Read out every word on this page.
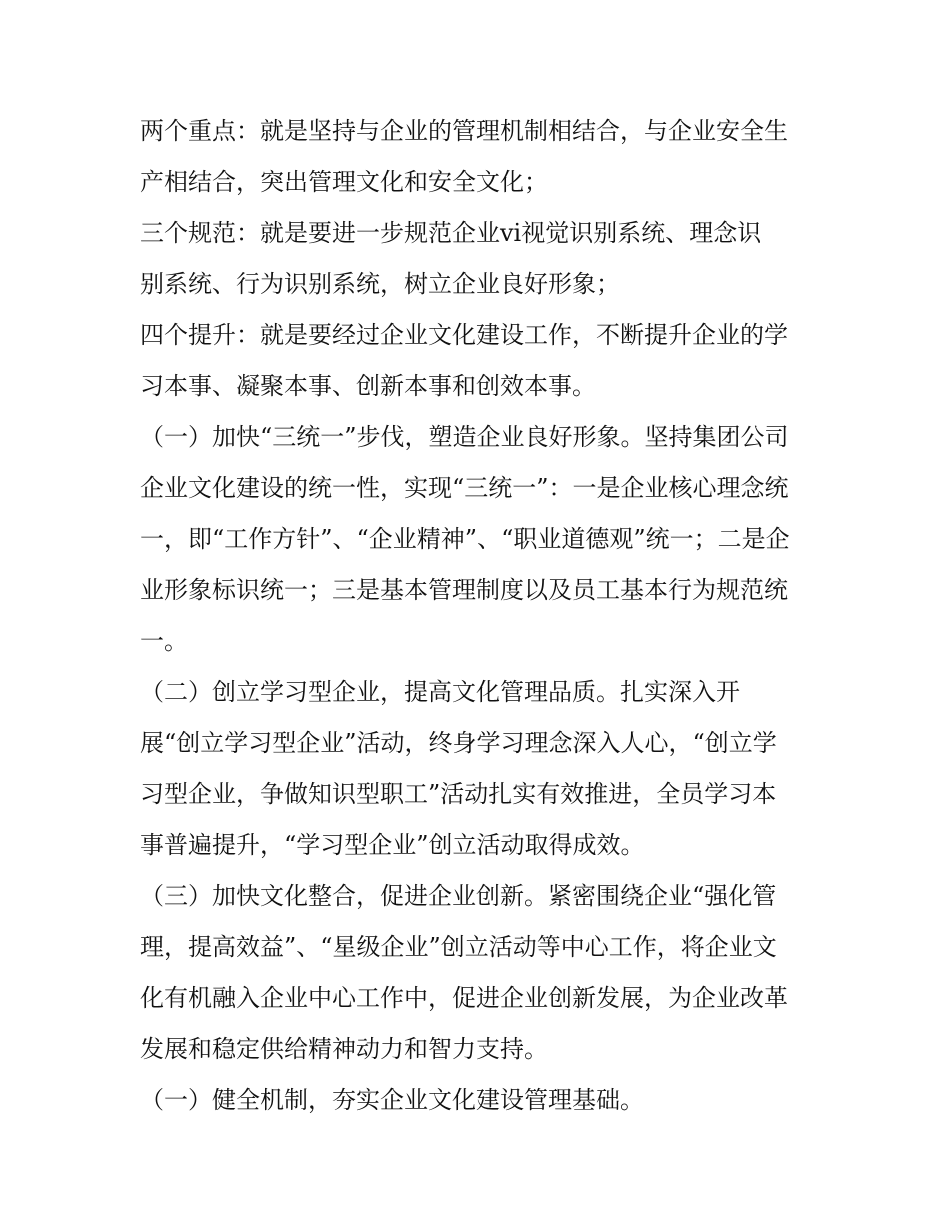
两个重点：就是坚持与企业的管理机制相结合，与企业安全生
产相结合，突出管理文化和安全文化；
三个规范：就是要进一步规范企业vi视觉识别系统、理念识
别系统、行为识别系统，树立企业良好形象；
四个提升：就是要经过企业文化建设工作，不断提升企业的学
习本事、凝聚本事、创新本事和创效本事。
（一）加快“三统一”步伐，塑造企业良好形象。坚持集团公司
企业文化建设的统一性，实现“三统一”：一是企业核心理念统
一，即“工作方针”、“企业精神”、“职业道德观”统一；二是企
业形象标识统一；三是基本管理制度以及员工基本行为规范统
一。
（二）创立学习型企业，提高文化管理品质。扎实深入开
展“创立学习型企业”活动，终身学习理念深入人心，“创立学
习型企业，争做知识型职工”活动扎实有效推进，全员学习本
事普遍提升，“学习型企业”创立活动取得成效。
（三）加快文化整合，促进企业创新。紧密围绕企业“强化管
理，提高效益”、“星级企业”创立活动等中心工作，将企业文
化有机融入企业中心工作中，促进企业创新发展，为企业改革
发展和稳定供给精神动力和智力支持。
（一）健全机制，夯实企业文化建设管理基础。
